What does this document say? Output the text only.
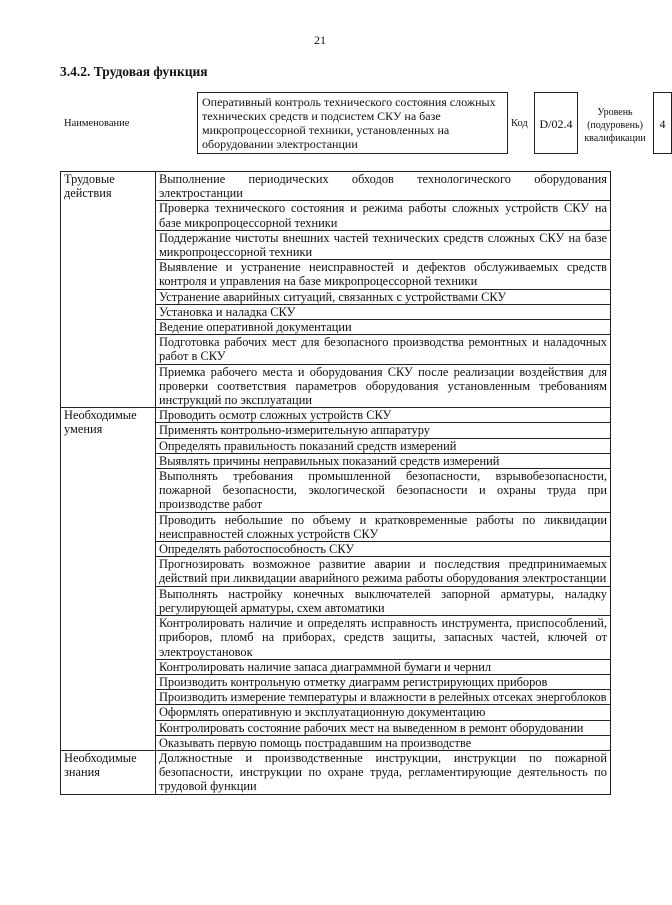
21
3.4.2. Трудовая функция
Наименование
Оперативный контроль технического состояния сложных технических средств и подсистем СКУ на базе микропроцессорной техники, установленных на оборудовании электростанции
Код D/02.4
Уровень (подуровень) квалификации
4
Трудовые действия	Выполнение периодических обходов технологического оборудования электростанции
	Проверка технического состояния и режима работы сложных устройств СКУ на базе микропроцессорной техники
	Поддержание чистоты внешних частей технических средств сложных СКУ на базе микропроцессорной техники
	Выявление и устранение неисправностей и дефектов обслуживаемых средств контроля и управления на базе микропроцессорной техники
	Устранение аварийных ситуаций, связанных с устройствами СКУ
	Установка и наладка СКУ
	Ведение оперативной документации
	Подготовка рабочих мест для безопасного производства ремонтных и наладочных работ в СКУ
	Приемка рабочего места и оборудования СКУ после реализации воздействия для проверки соответствия параметров оборудования установленным требованиям инструкций по эксплуатации
Необходимые умения	Проводить осмотр сложных устройств СКУ
	Применять контрольно-измерительную аппаратуру
	Определять правильность показаний средств измерений
	Выявлять причины неправильных показаний средств измерений
	Выполнять требования промышленной безопасности, взрывобезопасности, пожарной безопасности, экологической безопасности и охраны труда при производстве работ
	Проводить небольшие по объему и кратковременные работы по ликвидации неисправностей сложных устройств СКУ
	Определять работоспособность СКУ
	Прогнозировать возможное развитие аварии и последствия предпринимаемых действий при ликвидации аварийного режима работы оборудования электростанции
	Выполнять настройку конечных выключателей запорной арматуры, наладку регулирующей арматуры, схем автоматики
	Контролировать наличие и определять исправность инструмента, приспособлений, приборов, пломб на приборах, средств защиты, запасных частей, ключей от электроустановок
	Контролировать наличие запаса диаграммной бумаги и чернил
	Производить контрольную отметку диаграмм регистрирующих приборов
	Производить измерение температуры и влажности в релейных отсеках энергоблоков
	Оформлять оперативную и эксплуатационную документацию
	Контролировать состояние рабочих мест на выведенном в ремонт оборудовании
	Оказывать первую помощь пострадавшим на производстве
Необходимые знания	Должностные и производственные инструкции, инструкции по пожарной безопасности, инструкции по охране труда, регламентирующие деятельность по трудовой функции
